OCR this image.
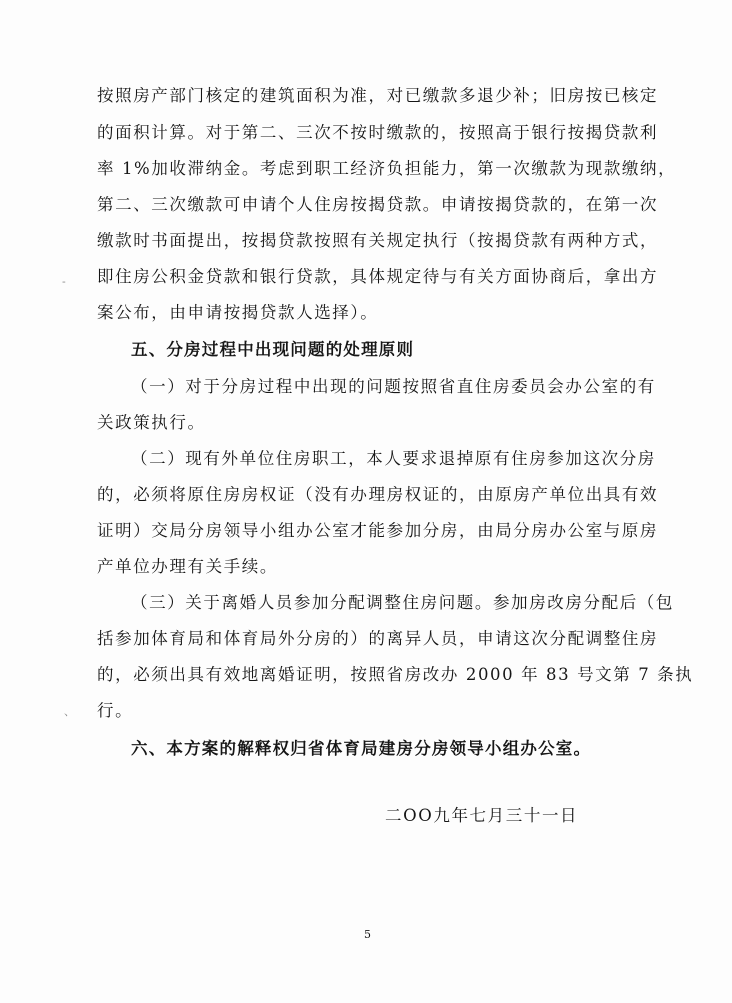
按照房产部门核定的建筑面积为准，对已缴款多退少补；旧房按已核定
的面积计算。对于第二、三次不按时缴款的，按照高于银行按揭贷款利
率 1%加收滞纳金。考虑到职工经济负担能力，第一次缴款为现款缴纳，
第二、三次缴款可申请个人住房按揭贷款。申请按揭贷款的，在第一次
缴款时书面提出，按揭贷款按照有关规定执行（按揭贷款有两种方式，
即住房公积金贷款和银行贷款，具体规定待与有关方面协商后，拿出方
案公布，由申请按揭贷款人选择）。
五、分房过程中出现问题的处理原则
（一）对于分房过程中出现的问题按照省直住房委员会办公室的有
关政策执行。
（二）现有外单位住房职工，本人要求退掉原有住房参加这次分房
的，必须将原住房房权证（没有办理房权证的，由原房产单位出具有效
证明）交局分房领导小组办公室才能参加分房，由局分房办公室与原房
产单位办理有关手续。
（三）关于离婚人员参加分配调整住房问题。参加房改房分配后（包
括参加体育局和体育局外分房的）的离异人员，申请这次分配调整住房
的，必须出具有效地离婚证明，按照省房改办 2000 年 83 号文第 7 条执
行。
六、本方案的解释权归省体育局建房分房领导小组办公室。
二OO九年七月三十一日
5
-
、
